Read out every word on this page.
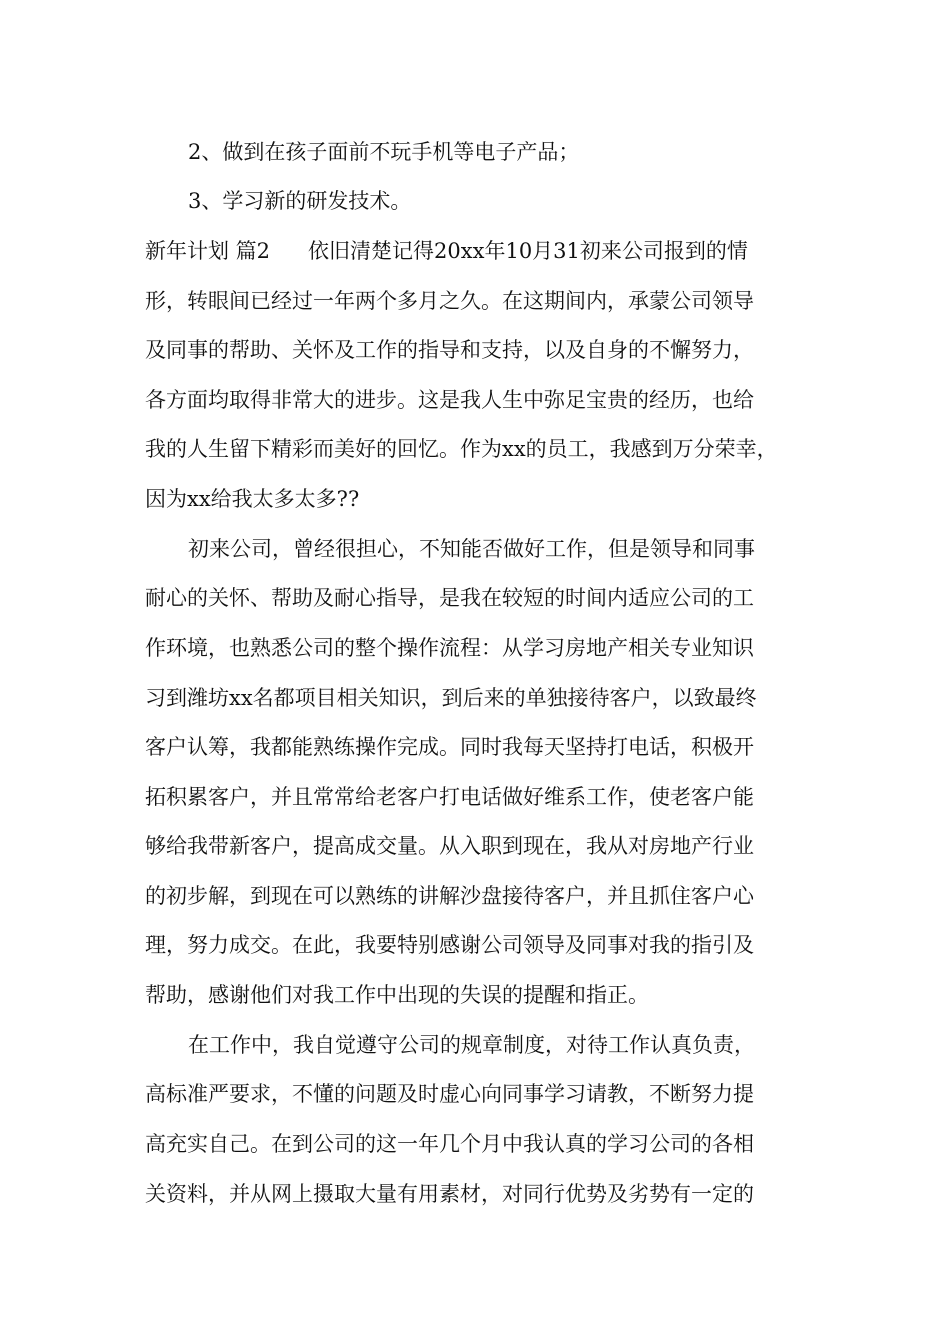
2、做到在孩子面前不玩手机等电子产品；
3、学习新的研发技术。
新年计划 篇2 依旧清楚记得20xx年10月31初来公司报到的情
形，转眼间已经过一年两个多月之久。在这期间内，承蒙公司领导
及同事的帮助、关怀及工作的指导和支持，以及自身的不懈努力，
各方面均取得非常大的进步。这是我人生中弥足宝贵的经历，也给
我的人生留下精彩而美好的回忆。作为xx的员工，我感到万分荣幸，
因为xx给我太多太多??
初来公司，曾经很担心，不知能否做好工作，但是领导和同事
耐心的关怀、帮助及耐心指导，是我在较短的时间内适应公司的工
作环境，也熟悉公司的整个操作流程：从学习房地产相关专业知识
习到潍坊xx名都项目相关知识，到后来的单独接待客户，以致最终
客户认筹，我都能熟练操作完成。同时我每天坚持打电话，积极开
拓积累客户，并且常常给老客户打电话做好维系工作，使老客户能
够给我带新客户，提高成交量。从入职到现在，我从对房地产行业
的初步解，到现在可以熟练的讲解沙盘接待客户，并且抓住客户心
理，努力成交。在此，我要特别感谢公司领导及同事对我的指引及
帮助，感谢他们对我工作中出现的失误的提醒和指正。
在工作中，我自觉遵守公司的规章制度，对待工作认真负责，
高标准严要求，不懂的问题及时虚心向同事学习请教，不断努力提
高充实自己。在到公司的这一年几个月中我认真的学习公司的各相
关资料，并从网上摄取大量有用素材，对同行优势及劣势有一定的
